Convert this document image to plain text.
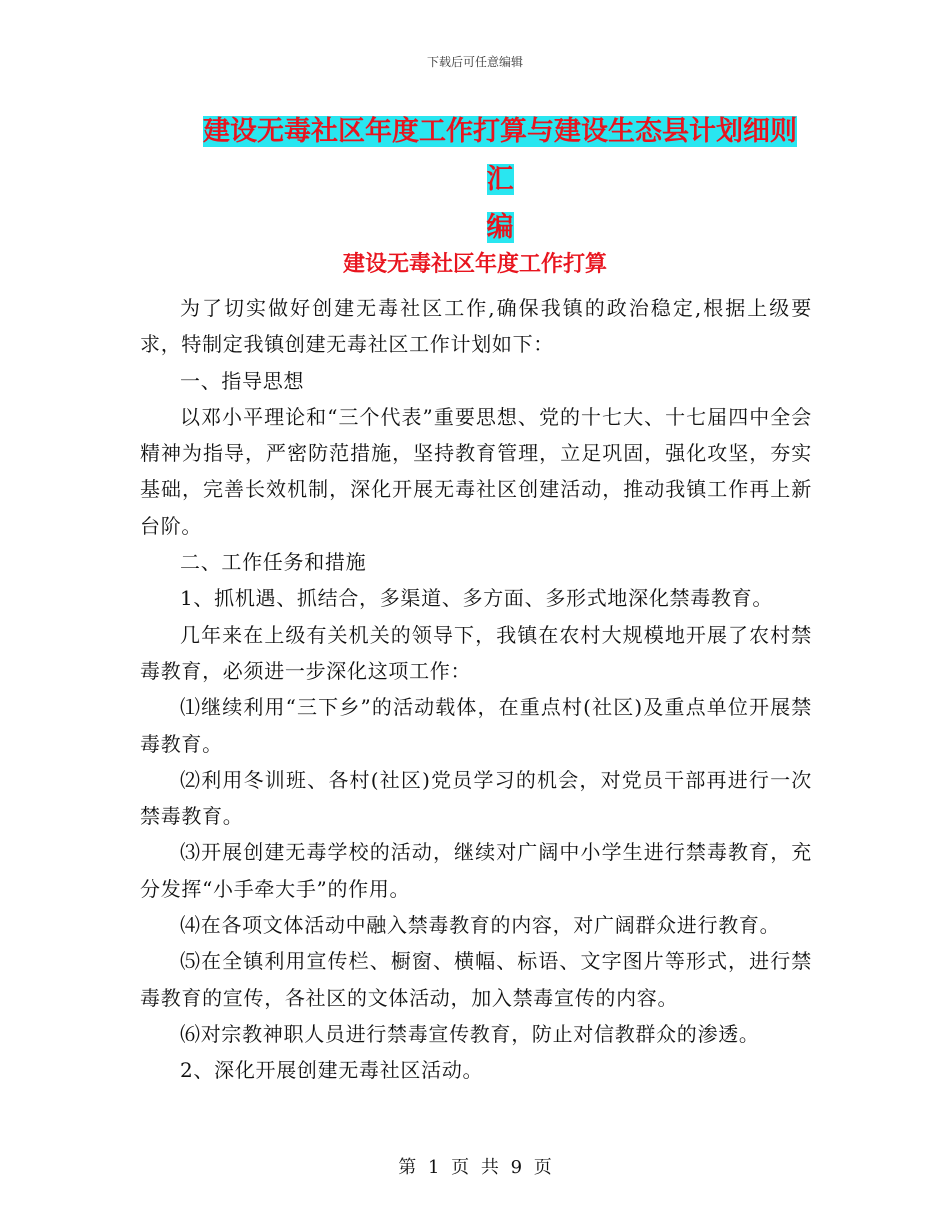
下载后可任意编辑
建设无毒社区年度工作打算与建设生态县计划细则汇
编
建设无毒社区年度工作打算

为了切实做好创建无毒社区工作,确保我镇的政治稳定,根据上级要求，特制定我镇创建无毒社区工作计划如下：

一、指导思想

以邓小平理论和“三个代表”重要思想、党的十七大、十七届四中全会精神为指导，严密防范措施，坚持教育管理，立足巩固，强化攻坚，夯实基础，完善长效机制，深化开展无毒社区创建活动，推动我镇工作再上新台阶。

二、工作任务和措施

1、抓机遇、抓结合，多渠道、多方面、多形式地深化禁毒教育。

几年来在上级有关机关的领导下，我镇在农村大规模地开展了农村禁毒教育，必须进一步深化这项工作：

⑴继续利用“三下乡”的活动载体，在重点村(社区)及重点单位开展禁毒教育。

⑵利用冬训班、各村(社区)党员学习的机会，对党员干部再进行一次禁毒教育。

⑶开展创建无毒学校的活动，继续对广阔中小学生进行禁毒教育，充分发挥“小手牵大手”的作用。

⑷在各项文体活动中融入禁毒教育的内容，对广阔群众进行教育。

⑸在全镇利用宣传栏、橱窗、横幅、标语、文字图片等形式，进行禁毒教育的宣传，各社区的文体活动，加入禁毒宣传的内容。

⑹对宗教神职人员进行禁毒宣传教育，防止对信教群众的渗透。

2、深化开展创建无毒社区活动。

第 1 页 共 9 页
